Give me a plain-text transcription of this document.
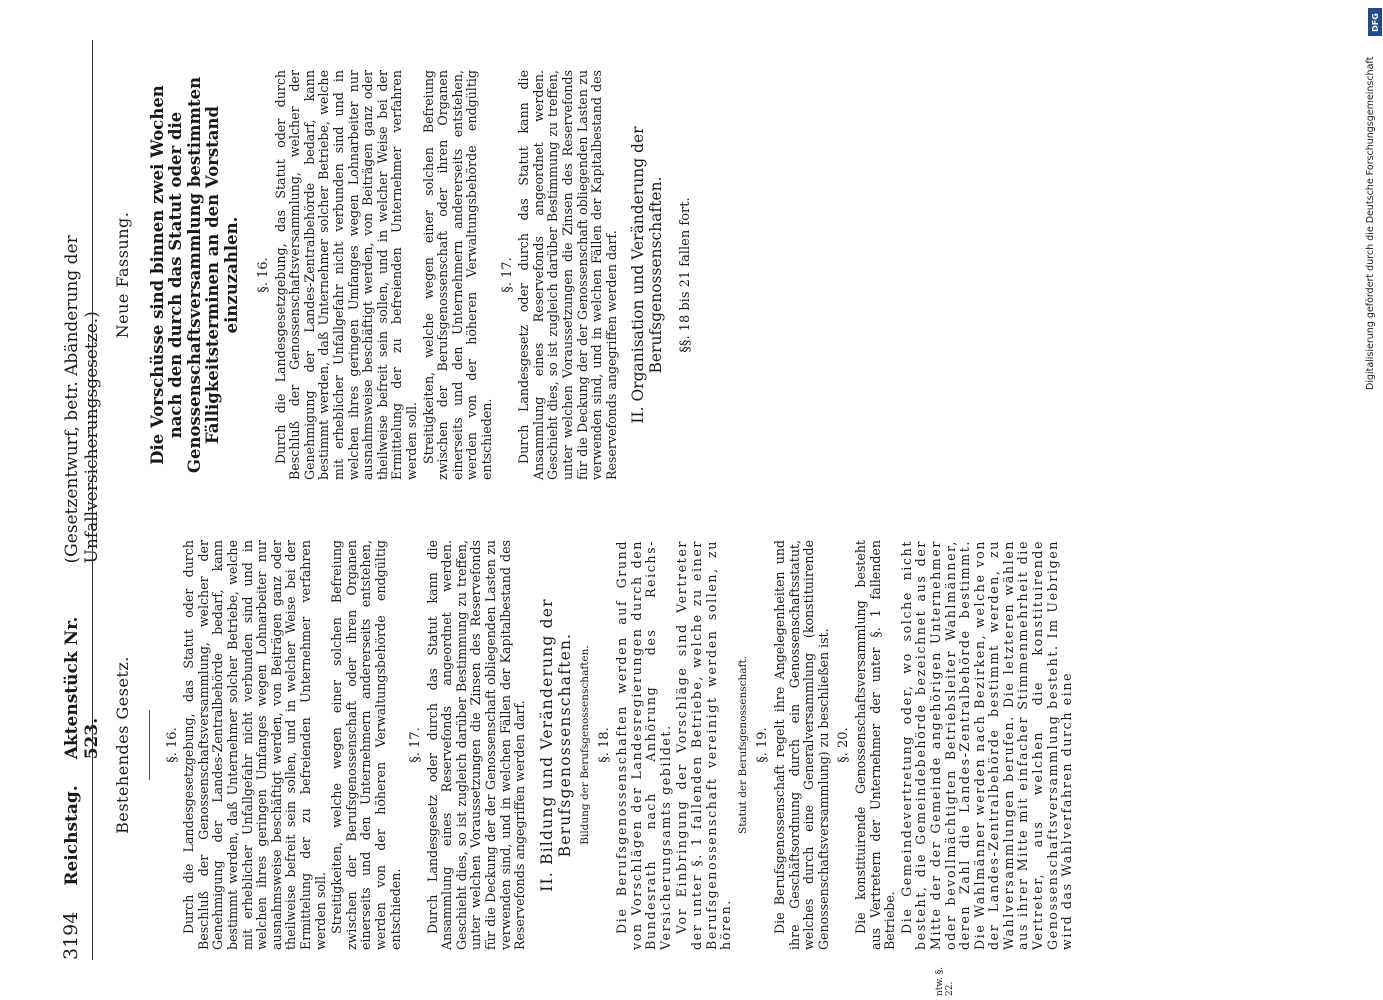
3194
Reichstag.
Aktenstück Nr. 523.
(Gesetzentwurf, betr. Abänderung der Unfallversicherungsgesetze.)
Bestehendes Gesetz.	§. 16. Durch die Landesgesetzgebung, das Statut oder durch Beschluß der Genossenschaftsversammlung, welcher der Genehmigung der Landes-Zentralbehörde bedarf, kann bestimmt werden, daß Unternehmer solcher Betriebe, welche mit erheblicher Unfallgefahr nicht verbunden sind und in welchen ihres geringen Umfanges wegen Lohnarbeiter nur ausnahmsweise beschäftigt werden, von Beiträgen ganz oder theilweise befreit sein sollen, und in welcher Weise bei der Ermittelung der zu befreienden Unternehmer verfahren werden soll. Streitigkeiten, welche wegen einer solchen Befreiung zwischen der Berufsgenossenschaft oder ihren Organen einerseits und den Unternehmern andererseits entstehen, werden von der höheren Verwaltungsbehörde endgültig entschieden.

§. 17. Durch Landesgesetz oder durch das Statut kann die Ansammlung eines Reservefonds angeordnet werden. Geschieht dies, so ist zugleich darüber Bestimmung zu treffen, unter welchen Voraussetzungen die Zinsen des Reservefonds für die Deckung der der Genossenschaft obliegenden Lasten zu verwenden sind, und in welchen Fällen der Kapitalbestand des Reservefonds angegriffen werden darf. II. Bildung und Veränderung der Berufsgenossenschaften. Bildung der Berufsgenossenschaften. §. 18. Die Berufsgenossenschaften werden auf Grund von Vorschlägen der Landesregierungen durch den Bundesrath nach Anhörung des Reichs-Versicherungsamts gebildet. Vor Einbringung der Vorschläge sind Vertreter der unter §. 1 fallenden Betriebe, welche zu einer Berufsgenossenschaft vereinigt werden sollen, zu hören.

Statut der Berufsgenossenschaft. §. 19. Die Berufsgenossenschaft regelt ihre Angelegenheiten und ihre Geschäftsordnung durch ein Genossenschaftsstatut, welches durch eine Generalversammlung (konstituirende Genossenschaftsversammlung) zu beschließen ist. §. 20. Die konstituirende Genossenschaftsversammlung besteht aus Vertretern der Unternehmer der unter §. 1 fallenden Betriebe. Die Gemeindevertretung oder, wo solche nicht besteht, die Gemeindebehörde bezeichnet aus der Mitte der der Gemeinde angehörigen Unternehmer oder bevollmächtigten Betriebsleiter Wahlmänner, deren Zahl die Landes-Zentralbehörde bestimmt. Die Wahlmänner werden nach Bezirken, welche von der Landes-Zentralbehörde bestimmt werden, zu Wahlversammlungen berufen. Die letzteren wählen aus ihrer Mitte mit einfacher Stimmenmehrheit die Vertreter, aus welchen die konstituirende Genossenschaftsversammlung besteht. Im Uebrigen wird das Wahlverfahren durch eine

ntw. §. 22.
Neue Fassung. Die Vorschüsse sind binnen zwei Wochen nach den durch das Statut oder die Genossenschaftsversammlung bestimmten Fälligkeitsterminen an den Vorstand einzuzahlen. §. 16. Durch die Landesgesetzgebung, das Statut oder durch Beschluß der Genossenschaftsversammlung, welcher der Genehmigung der Landes-Zentralbehörde bedarf, kann bestimmt werden, daß Unternehmer solcher Betriebe, welche mit erheblicher Unfallgefahr nicht verbunden sind und in welchen ihres geringen Umfanges wegen Lohnarbeiter nur ausnahmsweise beschäftigt werden, von Beiträgen ganz oder theilweise befreit sein sollen, und in welcher Weise bei der Ermittelung der zu befreienden Unternehmer verfahren werden soll. Streitigkeiten, welche wegen einer solchen Befreiung zwischen der Berufsgenossenschaft oder ihren Organen einerseits und den Unternehmern andererseits entstehen, werden von der höheren Verwaltungsbehörde endgültig entschieden.

§. 17. Durch Landesgesetz oder durch das Statut kann die Ansammlung eines Reservefonds angeordnet werden. Geschieht dies, so ist zugleich darüber Bestimmung zu treffen, unter welchen Voraussetzungen die Zinsen des Reservefonds für die Deckung der der Genossenschaft obliegenden Lasten zu verwenden sind, und in welchen Fällen der Kapitalbestand des Reservefonds angegriffen werden darf. II. Organisation und Veränderung der Berufsgenossenschaften. §§. 18 bis 21 fallen fort.	Digitalisierung gefördert durch die Deutsche Forschungsgemeinschaft
DFG
